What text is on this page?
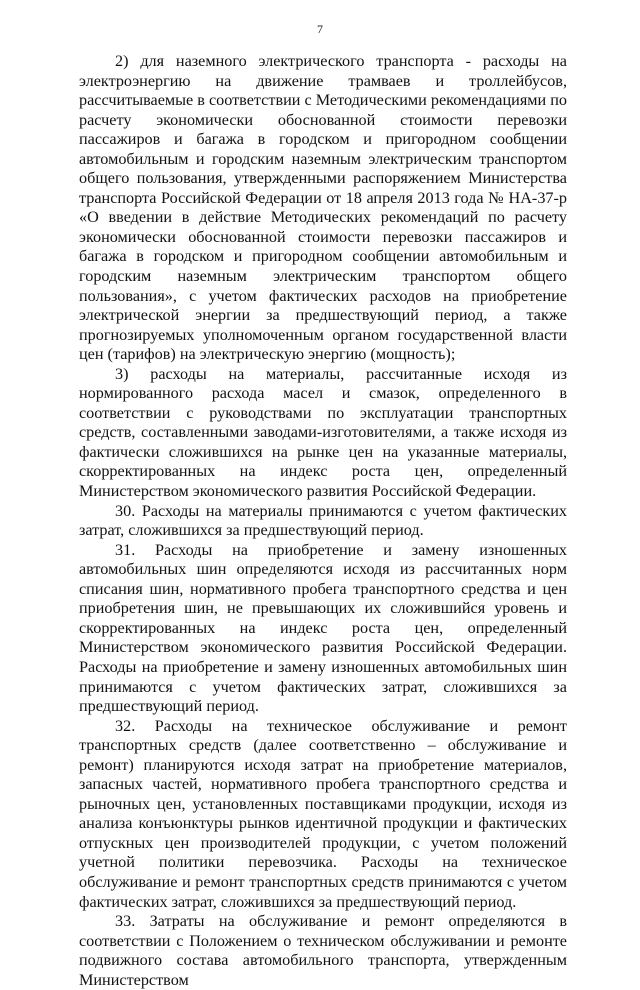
7

2) для наземного электрического транспорта - расходы на электроэнергию на движение трамваев и троллейбусов, рассчитываемые в соответствии с Методическими рекомендациями по расчету экономически обоснованной стоимости перевозки пассажиров и багажа в городском и пригородном сообщении автомобильным и городским наземным электрическим транспортом общего пользования, утвержденными распоряжением Министерства транспорта Российской Федерации от 18 апреля 2013 года № НА-37-р «О введении в действие Методических рекомендаций по расчету экономически обоснованной стоимости перевозки пассажиров и багажа в городском и пригородном сообщении автомобильным и городским наземным электрическим транспортом общего пользования», с учетом фактических расходов на приобретение электрической энергии за предшествующий период, а также прогнозируемых уполномоченным органом государственной власти цен (тарифов) на электрическую энергию (мощность);

3) расходы на материалы, рассчитанные исходя из нормированного расхода масел и смазок, определенного в соответствии с руководствами по эксплуатации транспортных средств, составленными заводами-изготовителями, а также исходя из фактически сложившихся на рынке цен на указанные материалы, скорректированных на индекс роста цен, определенный Министерством экономического развития Российской Федерации.

30. Расходы на материалы принимаются с учетом фактических затрат, сложившихся за предшествующий период.

31. Расходы на приобретение и замену изношенных автомобильных шин определяются исходя из рассчитанных норм списания шин, нормативного пробега транспортного средства и цен приобретения шин, не превышающих их сложившийся уровень и скорректированных на индекс роста цен, определенный Министерством экономического развития Российской Федерации. Расходы на приобретение и замену изношенных автомобильных шин принимаются с учетом фактических затрат, сложившихся за предшествующий период.

32. Расходы на техническое обслуживание и ремонт транспортных средств (далее соответственно – обслуживание и ремонт) планируются исходя затрат на приобретение материалов, запасных частей, нормативного пробега транспортного средства и рыночных цен, установленных поставщиками продукции, исходя из анализа конъюнктуры рынков идентичной продукции и фактических отпускных цен производителей продукции, с учетом положений учетной политики перевозчика. Расходы на техническое обслуживание и ремонт транспортных средств принимаются с учетом фактических затрат, сложившихся за предшествующий период.

33. Затраты на обслуживание и ремонт определяются в соответствии с Положением о техническом обслуживании и ремонте подвижного состава автомобильного транспорта, утвержденным Министерством
